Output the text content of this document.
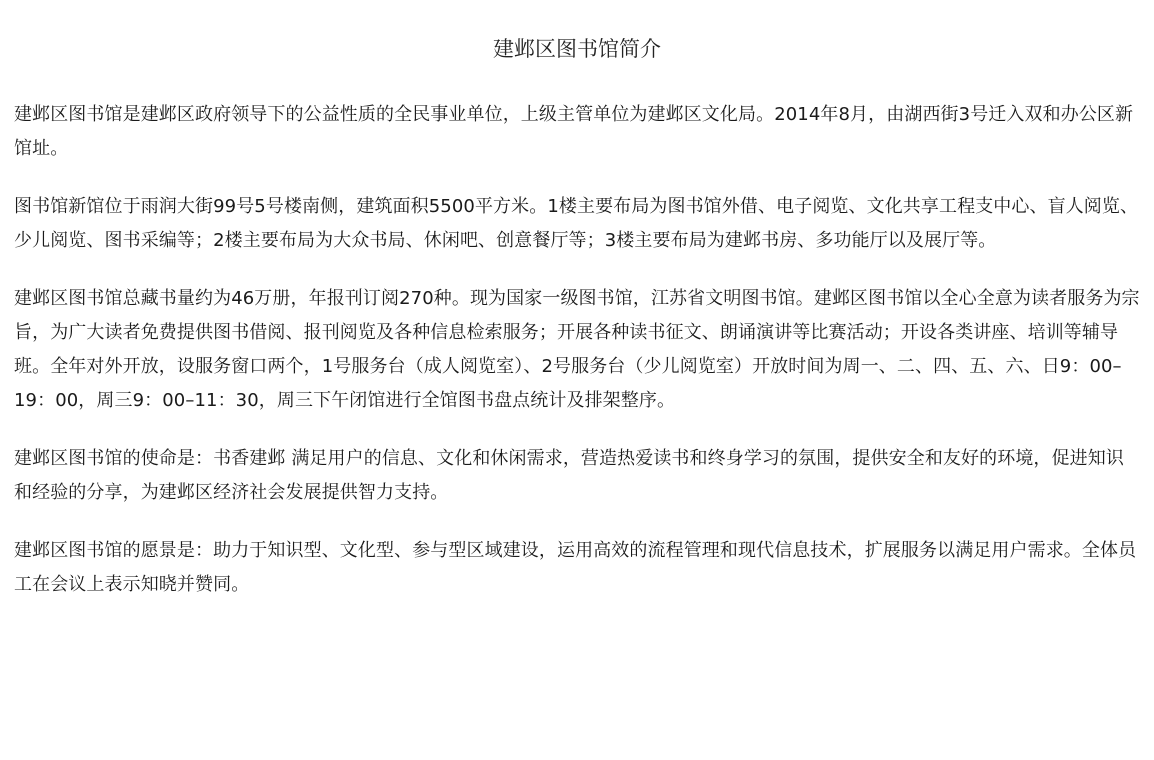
建邺区图书馆简介

建邺区图书馆是建邺区政府领导下的公益性质的全民事业单位，上级主管单位为建邺区文化局。2014年8月，由湖西街3号迁入双和办公区新馆址。

图书馆新馆位于雨润大街99号5号楼南侧，建筑面积5500平方米。1楼主要布局为图书馆外借、电子阅览、文化共享工程支中心、盲人阅览、少儿阅览、图书采编等；2楼主要布局为大众书局、休闲吧、创意餐厅等；3楼主要布局为建邺书房、多功能厅以及展厅等。

建邺区图书馆总藏书量约为46万册，年报刊订阅270种。现为国家一级图书馆，江苏省文明图书馆。建邺区图书馆以全心全意为读者服务为宗旨，为广大读者免费提供图书借阅、报刊阅览及各种信息检索服务；开展各种读书征文、朗诵演讲等比赛活动；开设各类讲座、培训等辅导班。全年对外开放，设服务窗口两个，1号服务台（成人阅览室）、2号服务台（少儿阅览室）开放时间为周一、二、四、五、六、日9：00–19：00，周三9：00–11：30，周三下午闭馆进行全馆图书盘点统计及排架整序。

建邺区图书馆的使命是：书香建邺 满足用户的信息、文化和休闲需求，营造热爱读书和终身学习的氛围，提供安全和友好的环境，促进知识和经验的分享，为建邺区经济社会发展提供智力支持。

建邺区图书馆的愿景是：助力于知识型、文化型、参与型区域建设，运用高效的流程管理和现代信息技术，扩展服务以满足用户需求。全体员工在会议上表示知晓并赞同。
